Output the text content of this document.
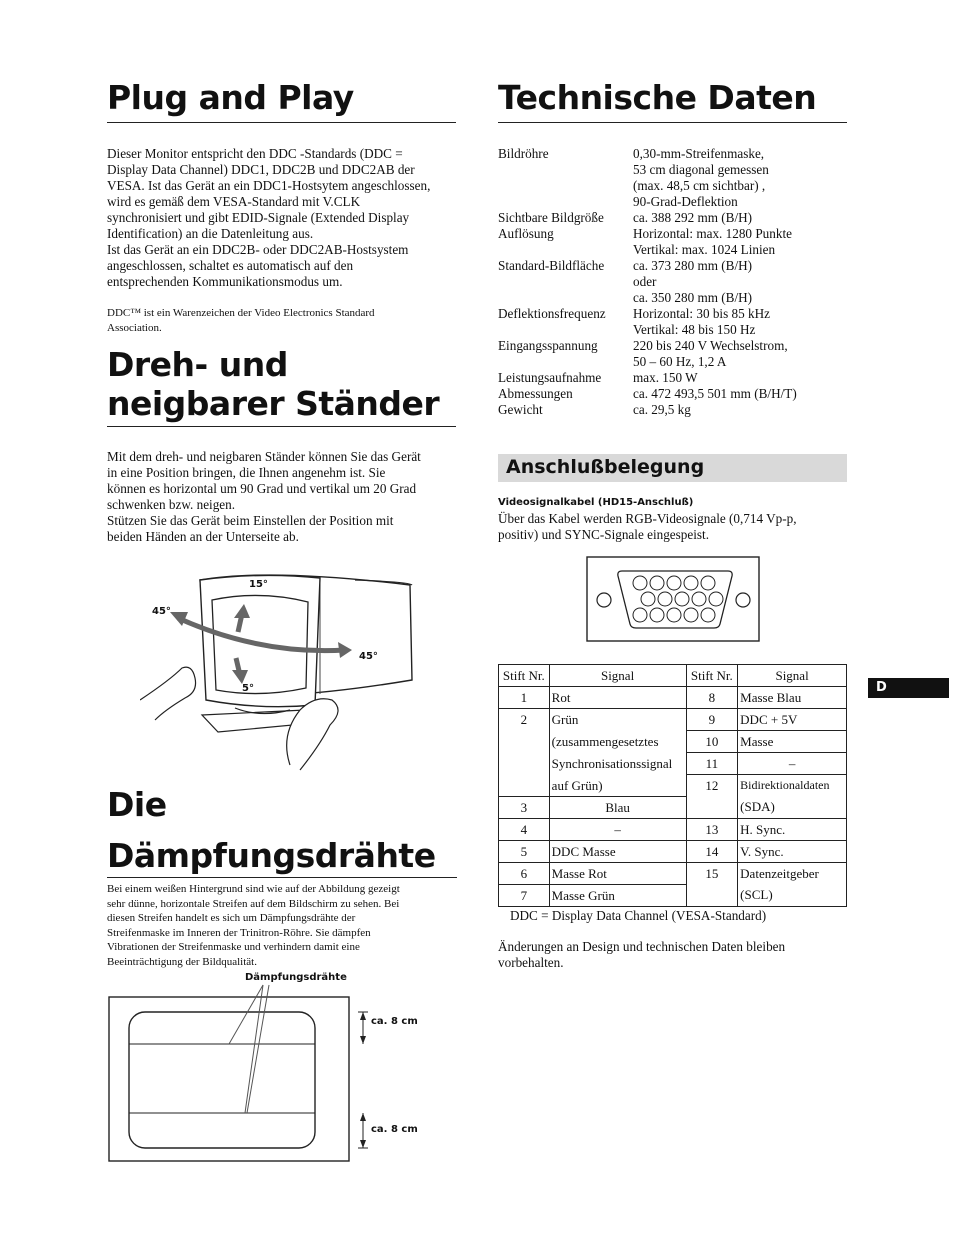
Plug and Play
Dieser Monitor entspricht den DDC -Standards (DDC =
Display Data Channel) DDC1, DDC2B und DDC2AB der
VESA. Ist das Gerät an ein DDC1-Hostsytem angeschlossen,
wird es gemäß dem VESA-Standard mit V.CLK
synchronisiert und gibt EDID-Signale (Extended Display
Identification) an die Datenleitung aus.
Ist das Gerät an ein DDC2B- oder DDC2AB-Hostsystem
angeschlossen, schaltet es automatisch auf den
entsprechenden Kommunikationsmodus um.
DDC™ ist ein Warenzeichen der Video Electronics Standard
Association.
Dreh- und
neigbarer Ständer
Mit dem dreh- und neigbaren Ständer können Sie das Gerät
in eine Position bringen, die Ihnen angenehm ist. Sie
können es horizontal um 90 Grad und vertikal um 20 Grad
schwenken bzw. neigen.
Stützen Sie das Gerät beim Einstellen der Position mit
beiden Händen an der Unterseite ab.
15°
45°
45°
5°
Die
Dämpfungsdrähte
Bei einem weißen Hintergrund sind wie auf der Abbildung gezeigt
sehr dünne, horizontale Streifen auf dem Bildschirm zu sehen. Bei
diesen Streifen handelt es sich um Dämpfungsdrähte der
Streifenmaske im Inneren der Trinitron-Röhre. Sie dämpfen
Vibrationen der Streifenmaske und verhindern damit eine
Beeinträchtigung der Bildqualität.
Dämpfungsdrähte
ca. 8 cm
ca. 8 cm
Technische Daten
Bildröhre	0,30-mm-Streifenmaske,
53 cm diagonal gemessen
(max. 48,5 cm sichtbar) ,
90-Grad-Deflektion
Sichtbare Bildgröße	ca. 388 292 mm (B/H)
Auflösung	Horizontal: max. 1280 Punkte
Vertikal: max. 1024 Linien
Standard-Bildfläche	ca. 373 280 mm (B/H)
oder
ca. 350 280 mm (B/H)
Deflektionsfrequenz	Horizontal: 30 bis 85 kHz
Vertikal: 48 bis 150 Hz
Eingangsspannung	220 bis 240 V Wechselstrom,
50 – 60 Hz, 1,2 A
Leistungsaufnahme	max. 150 W
Abmessungen	ca. 472 493,5 501 mm (B/H/T)
Gewicht	ca. 29,5 kg
Anschlußbelegung
Videosignalkabel (HD15-Anschluß)
Über das Kabel werden RGB-Videosignale (0,714 Vp-p,
positiv) und SYNC-Signale eingespeist.
Stift Nr.	Signal	Stift Nr.	Signal
1	Rot	8	Masse Blau
2	Grün	9	DDC + 5V
	(zusammengesetztes	10	Masse
	Synchronisationssignal	11	–
	auf Grün)	12	Bidirektionaldaten
3	Blau		(SDA)
4	–	13	H. Sync.
5	DDC Masse	14	V. Sync.
6	Masse Rot	15	Datenzeitgeber
7	Masse Grün		(SCL)
DDC = Display Data Channel (VESA-Standard)
Änderungen an Design und technischen Daten bleiben
vorbehalten.
D
